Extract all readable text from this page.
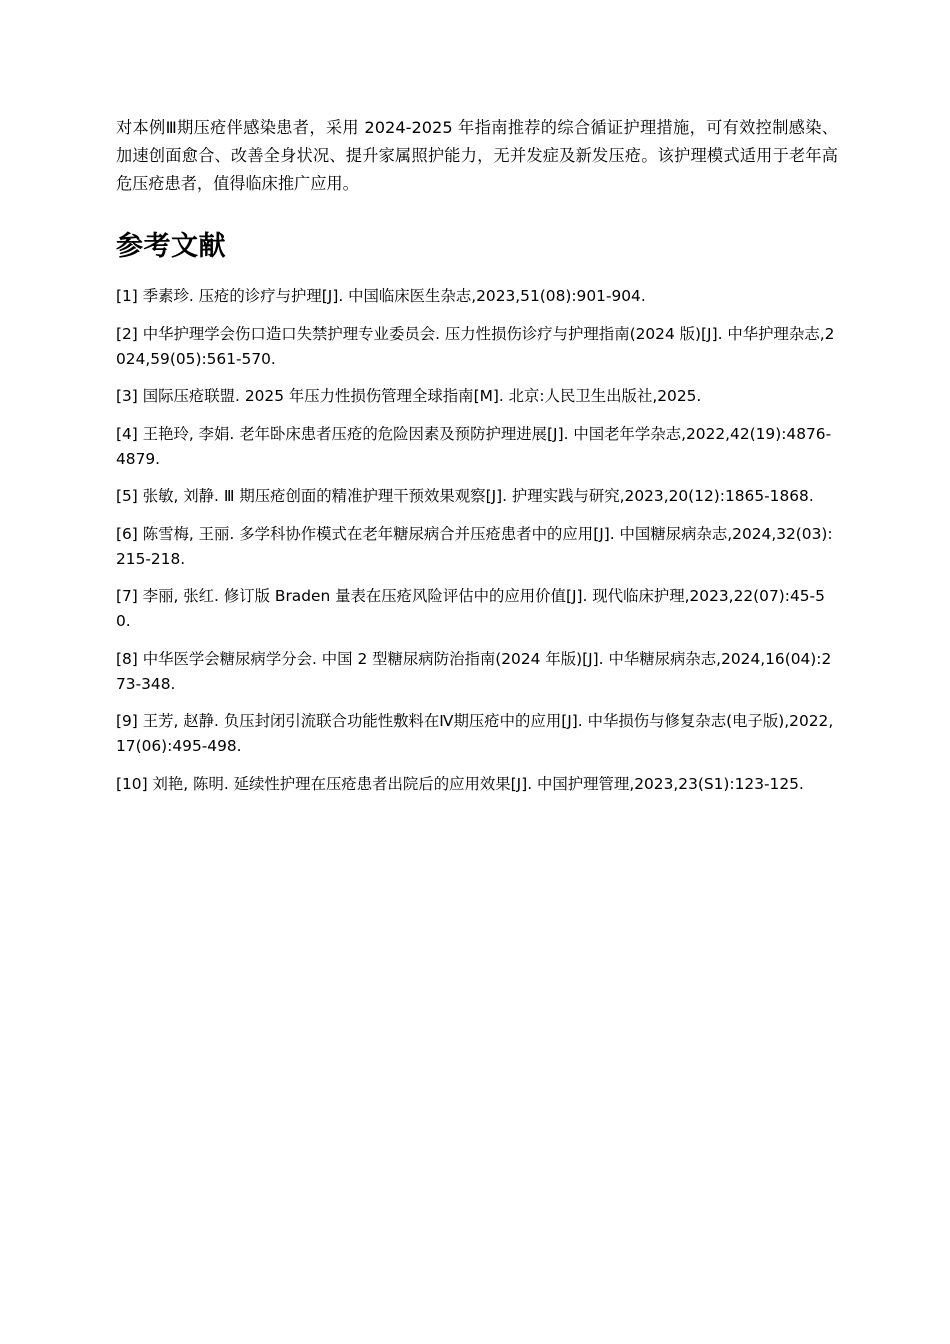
对本例Ⅲ期压疮伴感染患者，采用 2024-2025 年指南推荐的综合循证护理措施，可有效控制感染、加速创面愈合、改善全身状况、提升家属照护能力，无并发症及新发压疮。该护理模式适用于老年高危压疮患者，值得临床推广应用。

参考文献
[1] 季素珍. 压疮的诊疗与护理[J]. 中国临床医生杂志,2023,51(08):901-904.
[2] 中华护理学会伤口造口失禁护理专业委员会. 压力性损伤诊疗与护理指南(2024 版)[J]. 中华护理杂志,2024,59(05):561-570.
[3] 国际压疮联盟. 2025 年压力性损伤管理全球指南[M]. 北京:人民卫生出版社,2025.
[4] 王艳玲, 李娟. 老年卧床患者压疮的危险因素及预防护理进展[J]. 中国老年学杂志,2022,42(19):4876-4879.
[5] 张敏, 刘静. Ⅲ 期压疮创面的精准护理干预效果观察[J]. 护理实践与研究,2023,20(12):1865-1868.
[6] 陈雪梅, 王丽. 多学科协作模式在老年糖尿病合并压疮患者中的应用[J]. 中国糖尿病杂志,2024,32(03):215-218.
[7] 李丽, 张红. 修订版 Braden 量表在压疮风险评估中的应用价值[J]. 现代临床护理,2023,22(07):45-50.
[8] 中华医学会糖尿病学分会. 中国 2 型糖尿病防治指南(2024 年版)[J]. 中华糖尿病杂志,2024,16(04):273-348.
[9] 王芳, 赵静. 负压封闭引流联合功能性敷料在Ⅳ期压疮中的应用[J]. 中华损伤与修复杂志(电子版),2022,17(06):495-498.
[10] 刘艳, 陈明. 延续性护理在压疮患者出院后的应用效果[J]. 中国护理管理,2023,23(S1):123-125.
